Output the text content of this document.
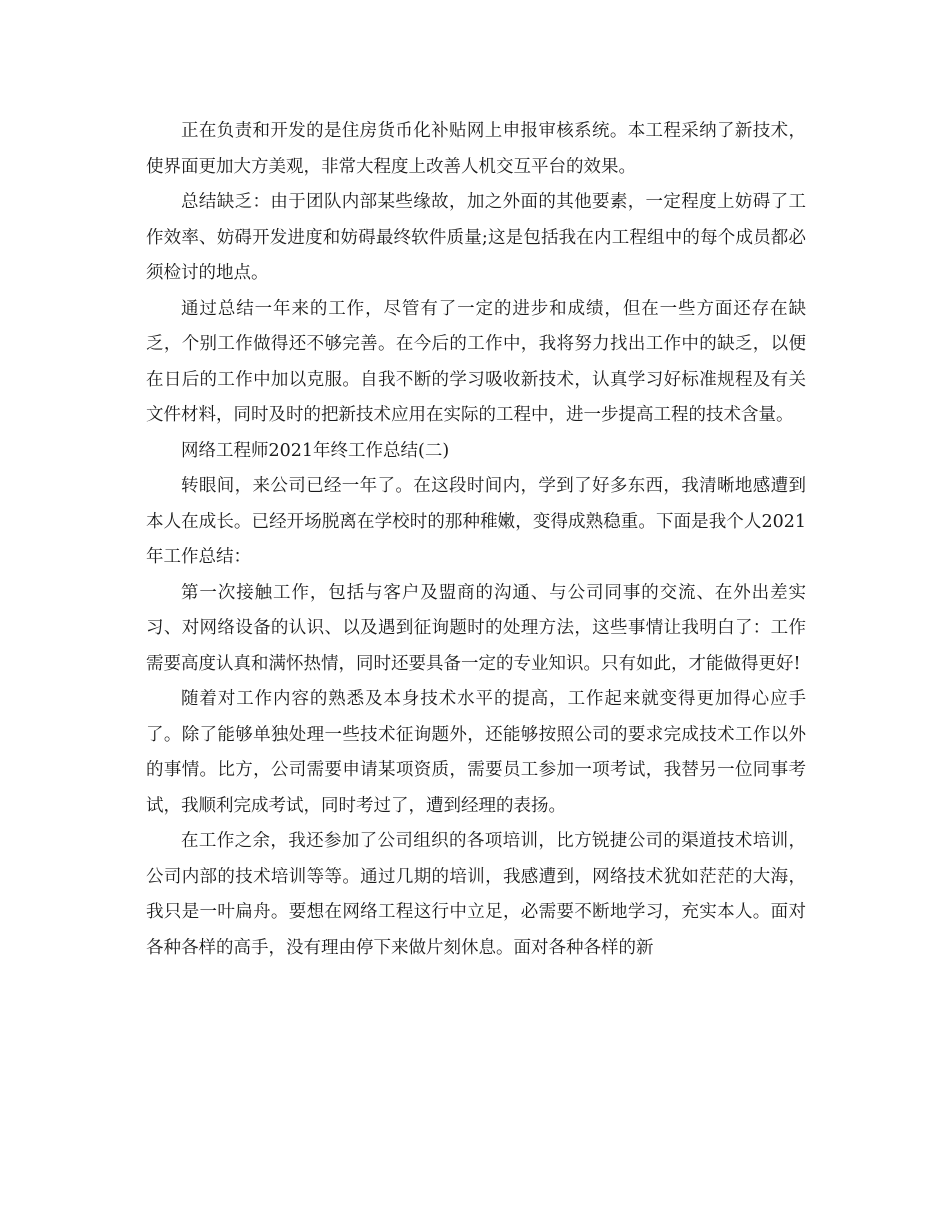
正在负责和开发的是住房货币化补贴网上申报审核系统。本工程采纳了新技术，使界面更加大方美观，非常大程度上改善人机交互平台的效果。

总结缺乏：由于团队内部某些缘故，加之外面的其他要素，一定程度上妨碍了工作效率、妨碍开发进度和妨碍最终软件质量;这是包括我在内工程组中的每个成员都必须检讨的地点。

通过总结一年来的工作，尽管有了一定的进步和成绩，但在一些方面还存在缺乏，个别工作做得还不够完善。在今后的工作中，我将努力找出工作中的缺乏，以便在日后的工作中加以克服。自我不断的学习吸收新技术，认真学习好标准规程及有关文件材料，同时及时的把新技术应用在实际的工程中，进一步提高工程的技术含量。

网络工程师2021年终工作总结(二)

转眼间，来公司已经一年了。在这段时间内，学到了好多东西，我清晰地感遭到本人在成长。已经开场脱离在学校时的那种稚嫩，变得成熟稳重。下面是我个人2021年工作总结：

第一次接触工作，包括与客户及盟商的沟通、与公司同事的交流、在外出差实习、对网络设备的认识、以及遇到征询题时的处理方法，这些事情让我明白了：工作需要高度认真和满怀热情，同时还要具备一定的专业知识。只有如此，才能做得更好!

随着对工作内容的熟悉及本身技术水平的提高，工作起来就变得更加得心应手了。除了能够单独处理一些技术征询题外，还能够按照公司的要求完成技术工作以外的事情。比方，公司需要申请某项资质，需要员工参加一项考试，我替另一位同事考试，我顺利完成考试，同时考过了，遭到经理的表扬。

在工作之余，我还参加了公司组织的各项培训，比方锐捷公司的渠道技术培训，公司内部的技术培训等等。通过几期的培训，我感遭到，网络技术犹如茫茫的大海，我只是一叶扁舟。要想在网络工程这行中立足，必需要不断地学习，充实本人。面对各种各样的高手，没有理由停下来做片刻休息。面对各种各样的新
